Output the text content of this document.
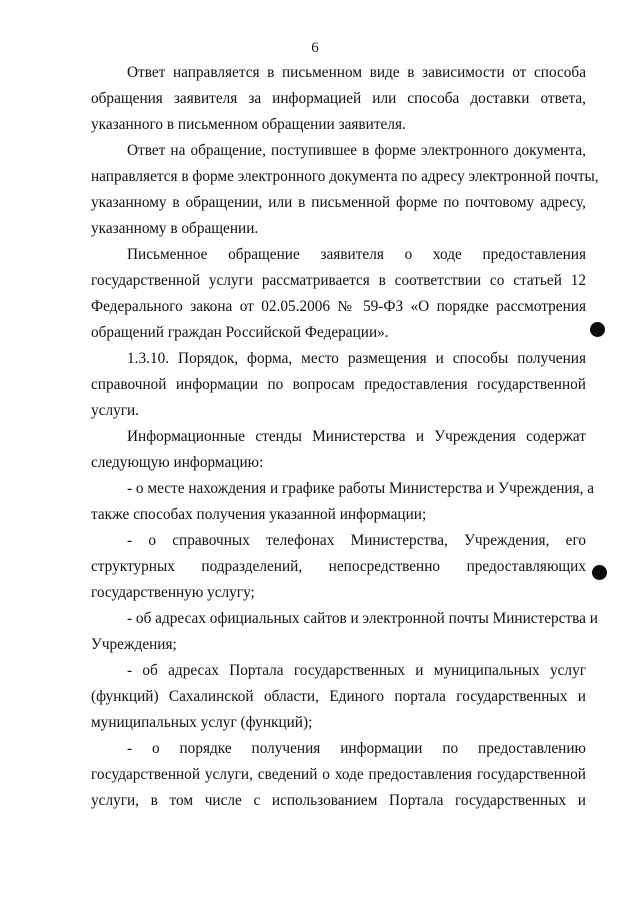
6
Ответ направляется в письменном виде в зависимости от способа
обращения заявителя за информацией или способа доставки ответа,
указанного в письменном обращении заявителя.
Ответ на обращение, поступившее в форме электронного документа,
направляется в форме электронного документа по адресу электронной почты,
указанному в обращении, или в письменной форме по почтовому адресу,
указанному в обращении.
Письменное обращение заявителя о ходе предоставления
государственной услуги рассматривается в соответствии со статьей 12
Федерального закона от 02.05.2006 № 59-ФЗ «О порядке рассмотрения
обращений граждан Российской Федерации».
1.3.10. Порядок, форма, место размещения и способы получения
справочной информации по вопросам предоставления государственной
услуги.
Информационные стенды Министерства и Учреждения содержат
следующую информацию:
- о месте нахождения и графике работы Министерства и Учреждения, а
также способах получения указанной информации;
- о справочных телефонах Министерства, Учреждения, его
структурных подразделений, непосредственно предоставляющих
государственную услугу;
- об адресах официальных сайтов и электронной почты Министерства и
Учреждения;
- об адресах Портала государственных и муниципальных услуг
(функций) Сахалинской области, Единого портала государственных и
муниципальных услуг (функций);
- о порядке получения информации по предоставлению
государственной услуги, сведений о ходе предоставления государственной
услуги, в том числе с использованием Портала государственных и
